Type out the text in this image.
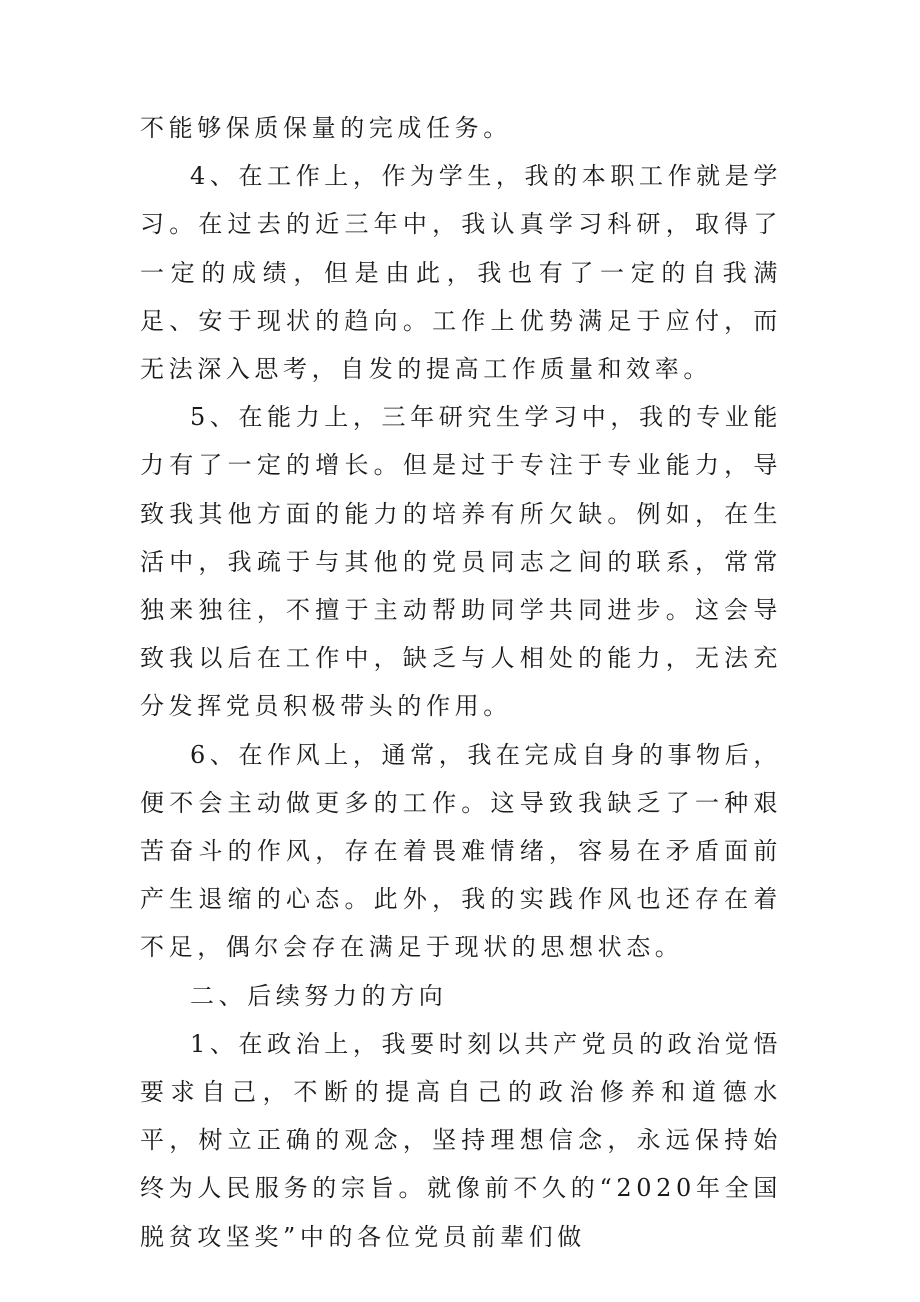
不能够保质保量的完成任务。

4、在工作上，作为学生，我的本职工作就是学习。在过去的近三年中，我认真学习科研，取得了一定的成绩，但是由此，我也有了一定的自我满足、安于现状的趋向。工作上优势满足于应付，而无法深入思考，自发的提高工作质量和效率。

5、在能力上，三年研究生学习中，我的专业能力有了一定的增长。但是过于专注于专业能力，导致我其他方面的能力的培养有所欠缺。例如，在生活中，我疏于与其他的党员同志之间的联系，常常独来独往，不擅于主动帮助同学共同进步。这会导致我以后在工作中，缺乏与人相处的能力，无法充分发挥党员积极带头的作用。

6、在作风上，通常，我在完成自身的事物后，便不会主动做更多的工作。这导致我缺乏了一种艰苦奋斗的作风，存在着畏难情绪，容易在矛盾面前产生退缩的心态。此外，我的实践作风也还存在着不足，偶尔会存在满足于现状的思想状态。

二、后续努力的方向

1、在政治上，我要时刻以共产党员的政治觉悟要求自己，不断的提高自己的政治修养和道德水平，树立正确的观念，坚持理想信念，永远保持始终为人民服务的宗旨。就像前不久的“2020年全国脱贫攻坚奖”中的各位党员前辈们做
